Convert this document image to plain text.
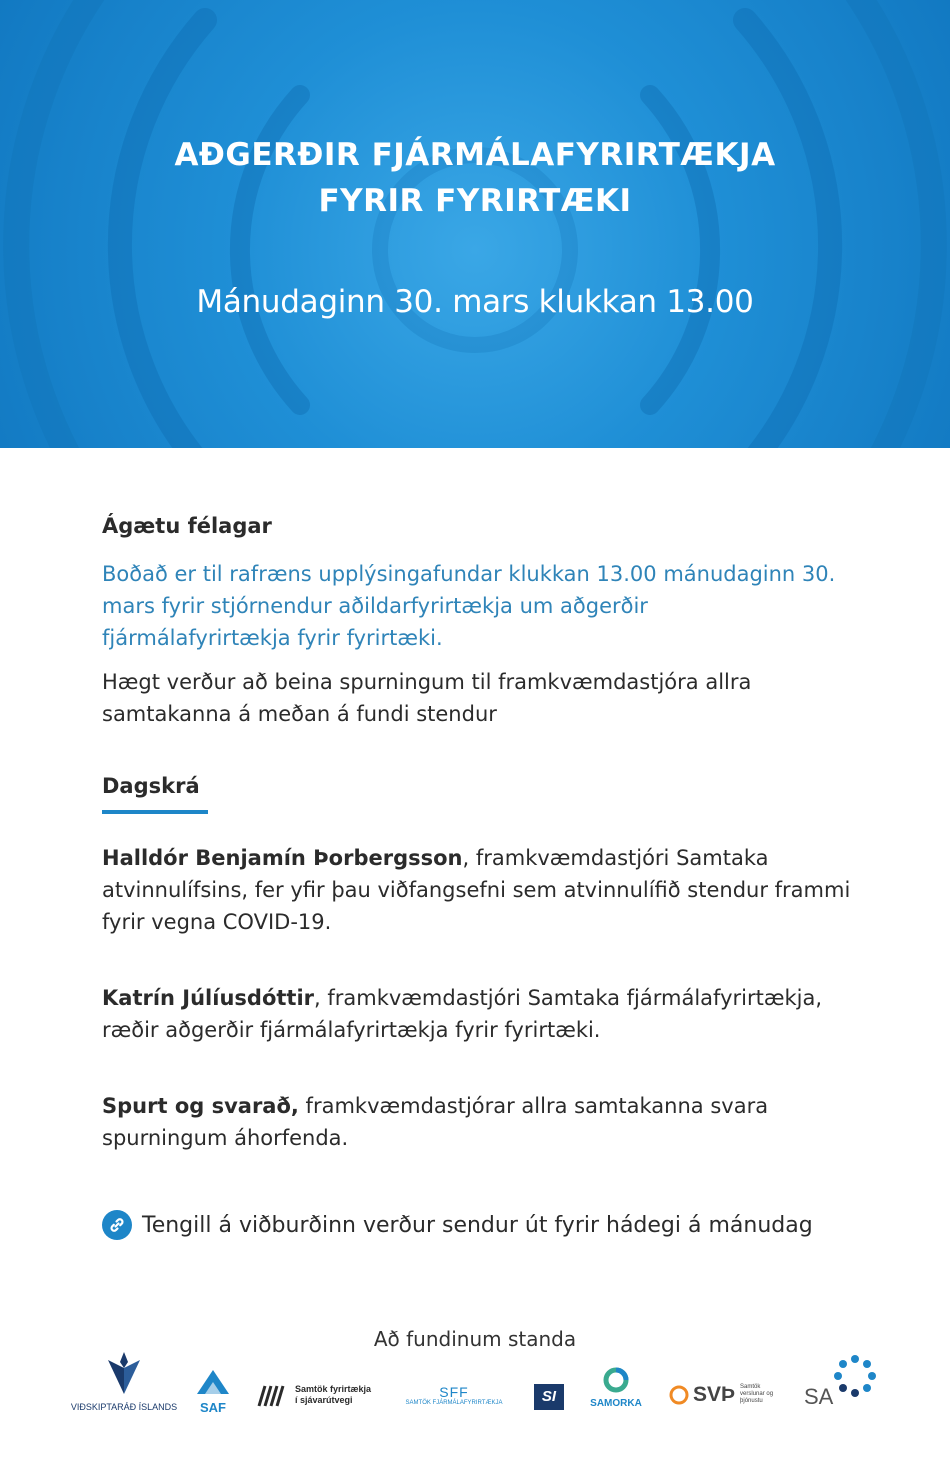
AÐGERÐIR FJÁRMÁLAFYRIRTÆKJA
FYRIR FYRIRTÆKI
Mánudaginn 30. mars klukkan 13.00
Ágætu félagar
Boðað er til rafræns upplýsingafundar klukkan 13.00 mánudaginn 30.
mars fyrir stjórnendur aðildarfyrirtækja um aðgerðir
fjármálafyrirtækja fyrir fyrirtæki.
Hægt verður að beina spurningum til framkvæmdastjóra allra
samtakanna á meðan á fundi stendur
Dagskrá
Halldór Benjamín Þorbergsson, framkvæmdastjóri Samtaka
atvinnulífsins, fer yfir þau viðfangsefni sem atvinnulífið stendur frammi
fyrir vegna COVID-19.
Katrín Júlíusdóttir, framkvæmdastjóri Samtaka fjármálafyrirtækja,
ræðir aðgerðir fjármálafyrirtækja fyrir fyrirtæki.
Spurt og svarað, framkvæmdastjórar allra samtakanna svara
spurningum áhorfenda.
Tengill á viðburðinn verður sendur út fyrir hádegi á mánudag
Að fundinum standa
VIÐSKIPTARÁÐ ÍSLANDS	SAF
Samtök fyrirtækja
í sjávarútvegi	SFF
SAMTÖK FJÁRMÁLAFYRIRTÆKJA	SI	SAMORKA	SVÞ Samtök
verslunar og
þjónustu	SA
